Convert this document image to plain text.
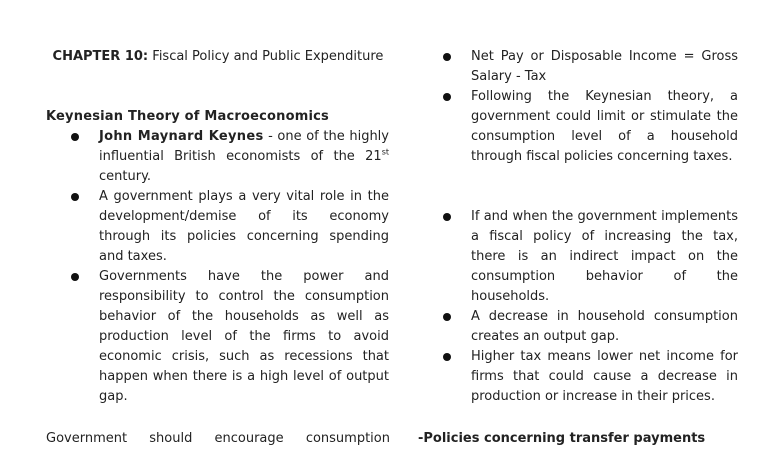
CHAPTER 10: Fiscal Policy and Public Expenditure
Keynesian Theory of Macroeconomics
John Maynard Keynes - one of the highly influential British economists of the 21st century.
A government plays a very vital role in the development/demise of its economy through its policies concerning spending and taxes.
Governments have the power and responsibility to control the consumption behavior of the households as well as production level of the firms to avoid economic crisis, such as recessions that happen when there is a high level of output gap.
Government should encourage consumption
Net Pay or Disposable Income = Gross Salary - Tax
Following the Keynesian theory, a government could limit or stimulate the consumption level of a household through fiscal policies concerning taxes.
If and when the government implements a fiscal policy of increasing the tax, there is an indirect impact on the consumption behavior of the households.
A decrease in household consumption creates an output gap.
Higher tax means lower net income for firms that could cause a decrease in production or increase in their prices.
-Policies concerning transfer payments
